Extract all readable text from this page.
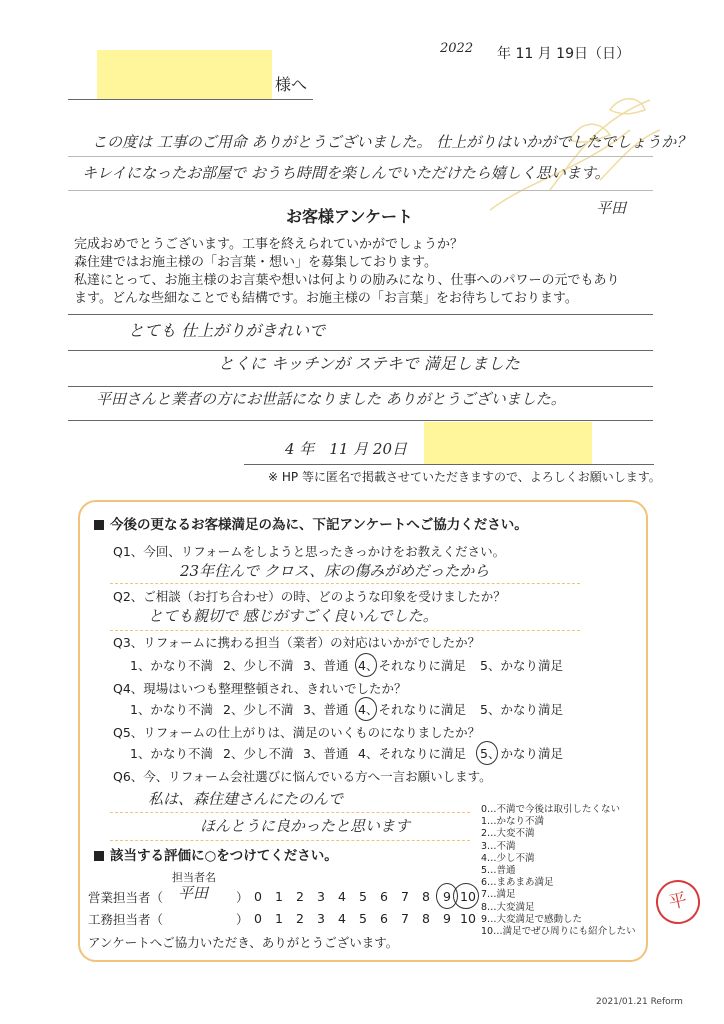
2022 年 11 月 19日（日）
様へ
この度は 工事のご用命 ありがとうございました。 仕上がりはいかがでしたでしょうか？
キレイになったお部屋で おうち時間を楽しんでいただけたら嬉しく思います。
平田
お客様アンケート
完成おめでとうございます。工事を終えられていかがでしょうか？
森住建ではお施主様の「お言葉・想い」を募集しております。
私達にとって、お施主様のお言葉や想いは何よりの励みになり、仕事へのパワーの元でもあり
ます。どんな些細なことでも結構です。お施主様の「お言葉」をお待ちしております。
とても 仕上がりがきれいで
とくに キッチンが ステキで 満足しました
平田さんと業者の方にお世話になりました ありがとうございました。
4 年　11 月 20日
※ HP 等に匿名で掲載させていただきますので、よろしくお願いします。
今後の更なるお客様満足の為に、下記アンケートへご協力ください。
Q1、今回、リフォームをしようと思ったきっかけをお教えください。
23年住んで クロス、床の傷みがめだったから
Q2、ご相談（お打ち合わせ）の時、どのような印象を受けましたか？
とても親切で 感じがすごく良いんでした。
Q3、リフォームに携わる担当（業者）の対応はいかがでしたか？
1、かなり不満 2、少し不満 3、普通 4、それなりに満足 5、かなり満足
Q4、現場はいつも整理整頓され、きれいでしたか？
1、かなり不満 2、少し不満 3、普通 4、それなりに満足 5、かなり満足
Q5、リフォームの仕上がりは、満足のいくものになりましたか？
1、かなり不満 2、少し不満 3、普通 4、それなりに満足 5、かなり満足
Q6、今、リフォーム会社選びに悩んでいる方へ一言お願いします。
私は、森住建さんにたのんで
ほんとうに良かったと思います
0…不満で今後は取引したくない
1…かなり不満
2…大変不満
3…不満
4…少し不満
5…普通
6…まあまあ満足
7…満足
8…大変満足
9…大変満足で感動した
10…満足でぜひ周りにも紹介したい
該当する評価に○をつけてください。
担当者名
営業担当者（ 平田 ） 0 1 2 3 4 5 6 7 8 9 10
工務担当者（	） 0 1 2 3 4 5 6 7 8 9 10
アンケートへご協力いただき、ありがとうございます。
平
2021/01.21 Reform
